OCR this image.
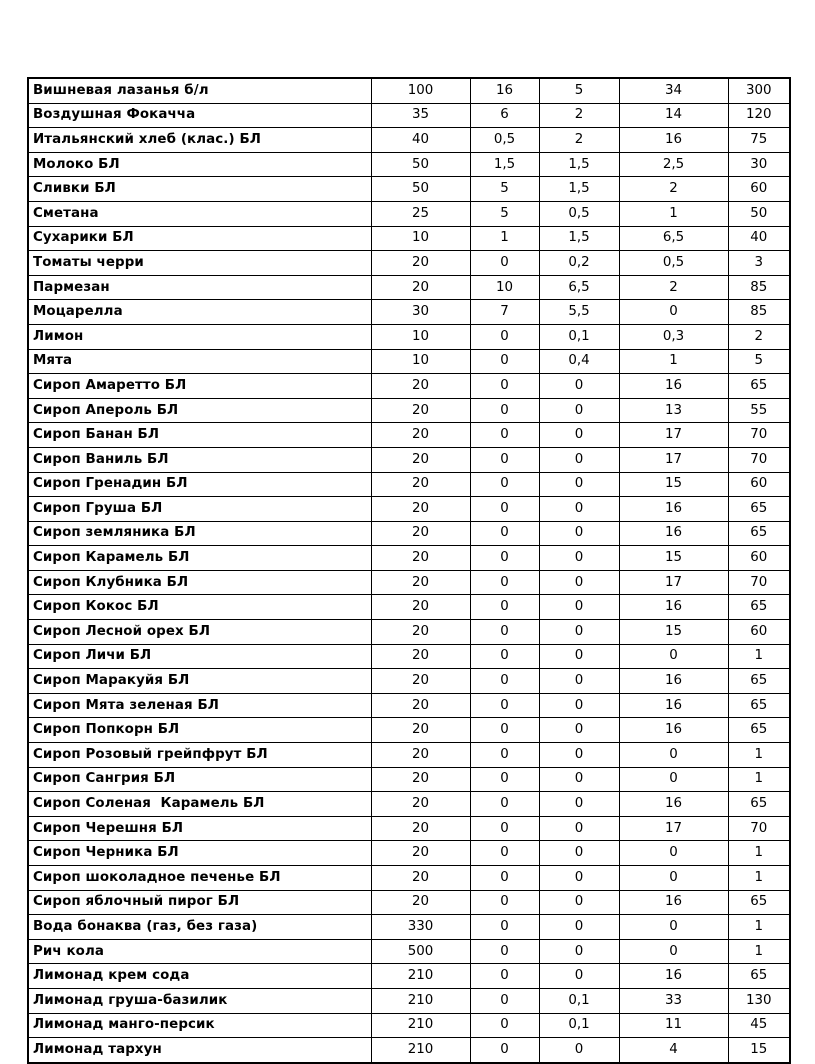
Вишневая лазанья б/л	100	16	5	34	300
Воздушная Фокачча	35	6	2	14	120
Итальянский хлеб (клас.) БЛ	40	0,5	2	16	75
Молоко БЛ	50	1,5	1,5	2,5	30
Сливки БЛ	50	5	1,5	2	60
Сметана	25	5	0,5	1	50
Сухарики БЛ	10	1	1,5	6,5	40
Томаты черри	20	0	0,2	0,5	3
Пармезан	20	10	6,5	2	85
Моцарелла	30	7	5,5	0	85
Лимон	10	0	0,1	0,3	2
Мята	10	0	0,4	1	5
Сироп Амаретто БЛ	20	0	0	16	65
Сироп Апероль БЛ	20	0	0	13	55
Сироп Банан БЛ	20	0	0	17	70
Сироп Ваниль БЛ	20	0	0	17	70
Сироп Гренадин БЛ	20	0	0	15	60
Сироп Груша БЛ	20	0	0	16	65
Сироп земляника БЛ	20	0	0	16	65
Сироп Карамель БЛ	20	0	0	15	60
Сироп Клубника БЛ	20	0	0	17	70
Сироп Кокос БЛ	20	0	0	16	65
Сироп Лесной орех БЛ	20	0	0	15	60
Сироп Личи БЛ	20	0	0	0	1
Сироп Маракуйя БЛ	20	0	0	16	65
Сироп Мята зеленая БЛ	20	0	0	16	65
Сироп Попкорн БЛ	20	0	0	16	65
Сироп Розовый грейпфрут БЛ	20	0	0	0	1
Сироп Сангрия БЛ	20	0	0	0	1
Сироп Соленая  Карамель БЛ	20	0	0	16	65
Сироп Черешня БЛ	20	0	0	17	70
Сироп Черника БЛ	20	0	0	0	1
Сироп шоколадное печенье БЛ	20	0	0	0	1
Сироп яблочный пирог БЛ	20	0	0	16	65
Вода бонаква (газ, без газа)	330	0	0	0	1
Рич кола	500	0	0	0	1
Лимонад крем сода	210	0	0	16	65
Лимонад груша-базилик	210	0	0,1	33	130
Лимонад манго-персик	210	0	0,1	11	45
Лимонад тархун	210	0	0	4	15
